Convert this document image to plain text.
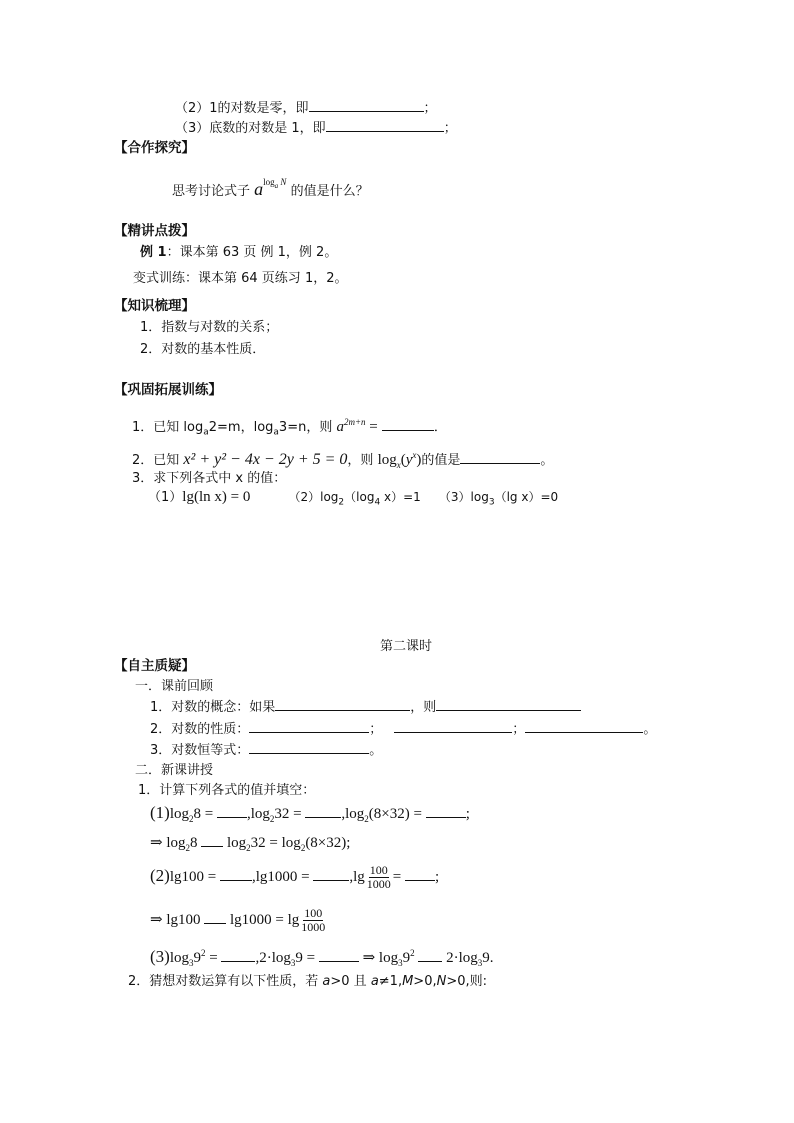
（2）1的对数是零，即	；
（3）底数的对数是 1，即	；
【合作探究】
思考讨论式子 $a^{log_a N}$ 的值是什么？
【精讲点拨】
例 1：课本第 63 页 例 1，例 2。
变式训练：课本第 64 页练习 1，2。
【知识梳理】
1．指数与对数的关系；
2．对数的基本性质．
【巩固拓展训练】
1．已知 $\log_a2=m$，$\log_a3=n$，则 $a^{2m+n}$ =	．
2．已知 x² + y² − 4x − 2y + 5 = 0，则 $\log_x(y^x)$的值是	。
3．求下列各式中 x 的值：
（1）lg(ln x) = 0	$(2)\log_2(\log_4$ x）=1 $(3)\log_3(\lg$ x）=0
第二课时
【自主质疑】
一．课前回顾
1．对数的概念：如果	，则
2．对数的性质：	；	；	。
3．对数恒等式：	。
二．新课讲授
1．计算下列各式的值并填空：
$(1)\log_28 = ,\log_232$ =	$,\log_2(8\times 32)$ =	;
⇒ $\log_28$ $\log_232 = \log_2(8\times 32)$;
(2)lg100 = ,lg1000 =	$,\lg \frac{100}{1000}$ = ;
⇒ lg100 $\lg 1000 = \lg \frac{100}{1000}$
$(3)\log_39^2$ =	$,2\cdot\log_39$ =	⇒ $\log_39^2$ $2\cdot\log_39$.
2．猜想对数运算有以下性质，若 a>0 且 a≠1,M>0,N>0,则:
